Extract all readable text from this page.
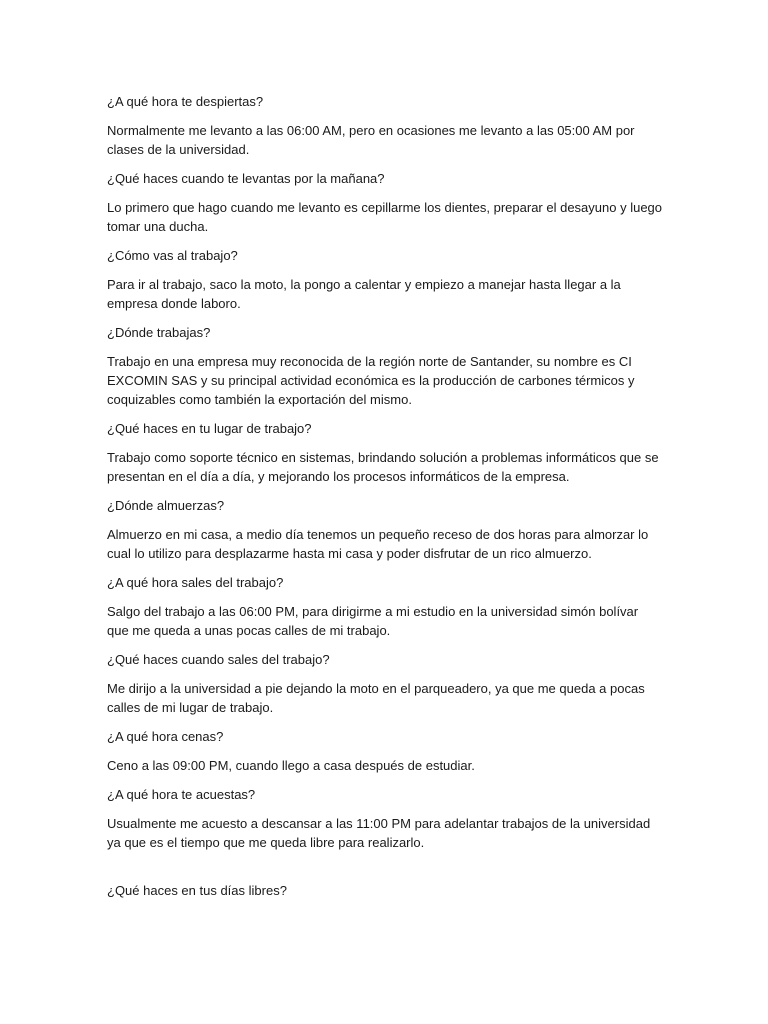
¿A qué hora te despiertas?

Normalmente me levanto a las 06:00 AM, pero en ocasiones me levanto a las 05:00 AM por clases de la universidad.

¿Qué haces cuando te levantas por la mañana?

Lo primero que hago cuando me levanto es cepillarme los dientes, preparar el desayuno y luego tomar una ducha.

¿Cómo vas al trabajo?

Para ir al trabajo, saco la moto, la pongo a calentar y empiezo a manejar hasta llegar a la empresa donde laboro.

¿Dónde trabajas?

Trabajo en una empresa muy reconocida de la región norte de Santander, su nombre es CI EXCOMIN SAS y su principal actividad económica es la producción de carbones térmicos y coquizables como también la exportación del mismo.

¿Qué haces en tu lugar de trabajo?

Trabajo como soporte técnico en sistemas, brindando solución a problemas informáticos que se presentan en el día a día, y mejorando los procesos informáticos de la empresa.

¿Dónde almuerzas?

Almuerzo en mi casa, a medio día tenemos un pequeño receso de dos horas para almorzar lo cual lo utilizo para desplazarme hasta mi casa y poder disfrutar de un rico almuerzo.

¿A qué hora sales del trabajo?

Salgo del trabajo a las 06:00 PM, para dirigirme a mi estudio en la universidad simón bolívar que me queda a unas pocas calles de mi trabajo.

¿Qué haces cuando sales del trabajo?

Me dirijo a la universidad a pie dejando la moto en el parqueadero, ya que me queda a pocas calles de mi lugar de trabajo.

¿A qué hora cenas?

Ceno a las 09:00 PM, cuando llego a casa después de estudiar.

¿A qué hora te acuestas?

Usualmente me acuesto a descansar a las 11:00 PM para adelantar trabajos de la universidad ya que es el tiempo que me queda libre para realizarlo.

¿Qué haces en tus días libres?
